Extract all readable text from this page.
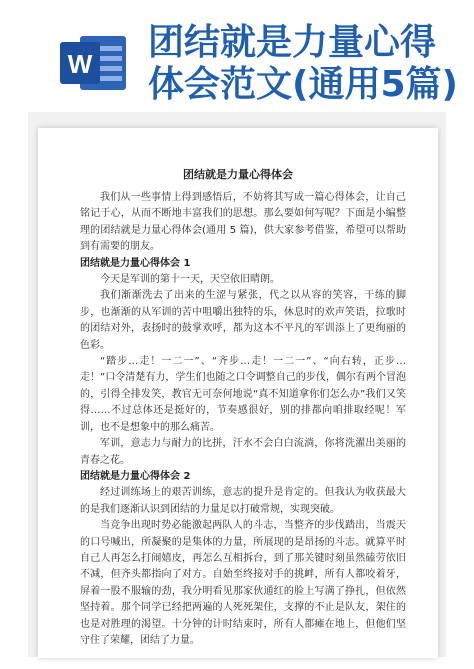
W
团结就是力量心得
体会范文(通用5篇)
团结就是力量心得体会

我们从一些事情上得到感悟后，不妨将其写成一篇心得体会，让自己铭记于心，从而不断地丰富我们的思想。那么要如何写呢？下面是小编整理的团结就是力量心得体会(通用 5 篇)，供大家参考借鉴，希望可以帮助到有需要的朋友。

团结就是力量心得体会 1

今天是军训的第十一天，天空依旧晴朗。

我们渐渐洗去了出来的生涩与紧张，代之以从容的笑容，干练的脚步，也渐渐的从军训的苦中咀嚼出独特的乐，休息时的欢声笑语，拉歌时的团结对外，表扬时的鼓掌欢呼，都为这本不平凡的军训添上了更绚丽的色彩。

“踏步…走！一二一”、“齐步…走！一二一”、“向右转，正步…走！”口令清楚有力，学生们也随之口令调整自己的步伐，偶尔有两个冒泡的，引得全排发笑，教官无可奈何地说“真不知道拿你们怎么办”我们又笑得……不过总体还是挺好的，节奏感很好，别的排都向咱排取经呢！军训，也不是想象中的那么痛苦。

军训，意志力与耐力的比拼，汗水不会白白流淌，你将洗濯出美丽的青春之花。

团结就是力量心得体会 2

经过训练场上的艰苦训练，意志的提升是肯定的。但我认为收获最大的是我们逐渐认识到团结的力量足以打破常规，实现突破。

当竞争出现时势必能激起两队人的斗志，当整齐的步伐踏出，当震天的口号喊出，所凝聚的是集体的力量，所展现的是昂扬的斗志。就算平时自己人再怎么打闹嬉皮，再怎么互相拆台，到了那关键时刻虽然磕劳依旧不减，但齐头都指向了对方。自始至终接对手的挑衅，所有人都咬着牙，屏着一股不服输的劲，我分明看见那家伙通红的脸上写满了挣扎，但依然坚持着。那个同学已经把两遍的人死死架住，支撑的不止是队友，架住的也是对胜理的渴望。十分钟的计时结束时，所有人都瘫在地上，但他们坚守住了荣耀，团结了力量。
